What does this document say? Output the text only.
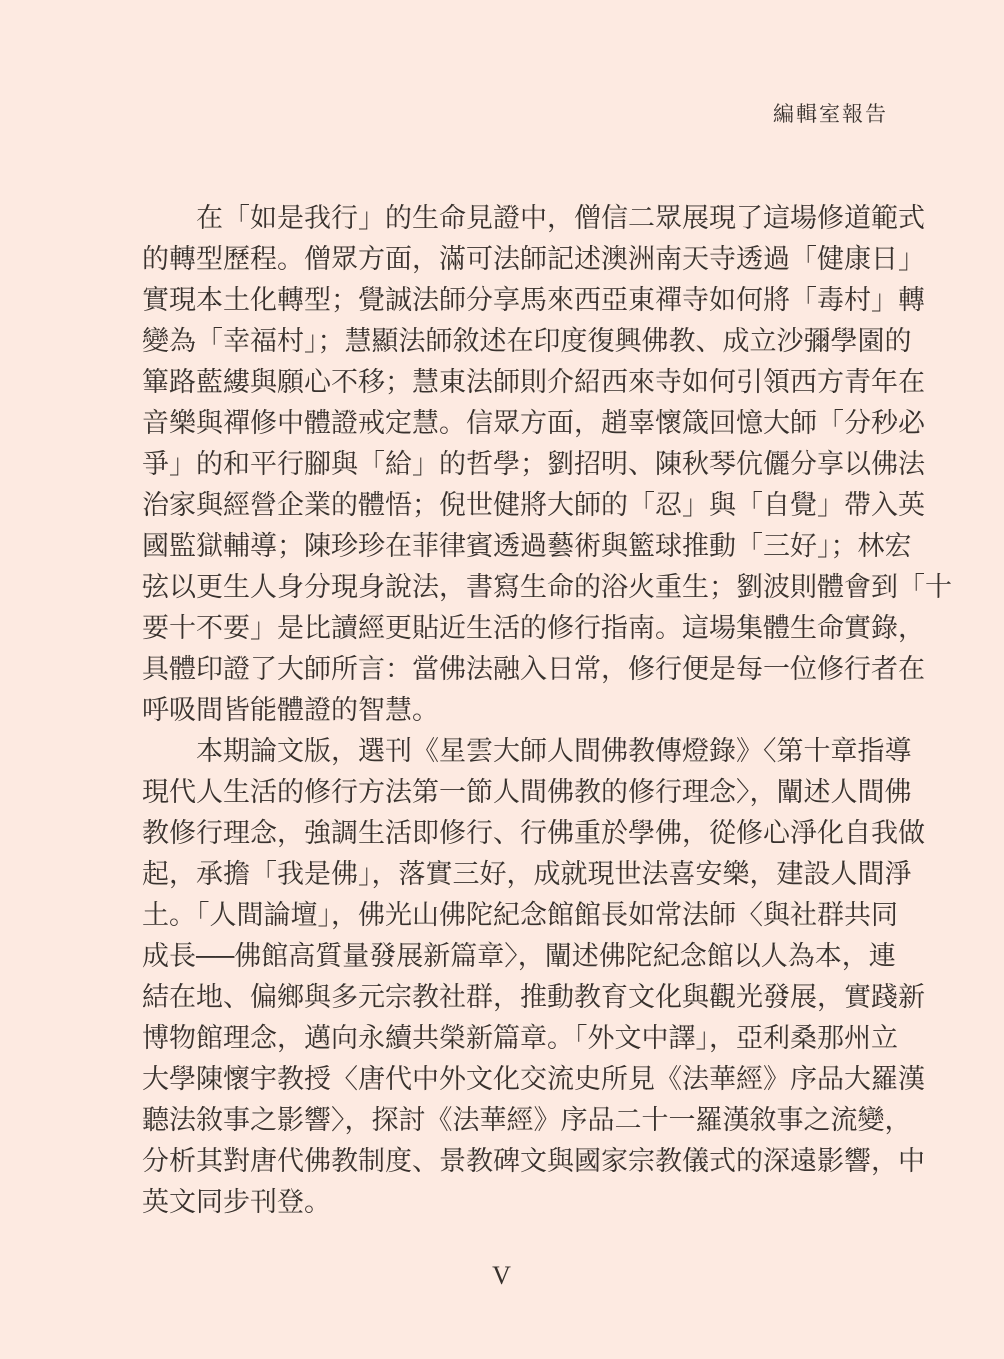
編輯室報告
在「如是我行」的生命見證中，僧信二眾展現了這場修道範式
的轉型歷程。僧眾方面，滿可法師記述澳洲南天寺透過「健康日」
實現本土化轉型；覺誠法師分享馬來西亞東禪寺如何將「毒村」轉
變為「幸福村」；慧顯法師敘述在印度復興佛教、成立沙彌學園的
篳路藍縷與願心不移；慧東法師則介紹西來寺如何引領西方青年在
音樂與禪修中體證戒定慧。信眾方面，趙辜懷箴回憶大師「分秒必
爭」的和平行腳與「給」的哲學；劉招明、陳秋琴伉儷分享以佛法
治家與經營企業的體悟；倪世健將大師的「忍」與「自覺」帶入英
國監獄輔導；陳珍珍在菲律賓透過藝術與籃球推動「三好」；林宏
弦以更生人身分現身說法，書寫生命的浴火重生；劉波則體會到「十
要十不要」是比讀經更貼近生活的修行指南。這場集體生命實錄，
具體印證了大師所言：當佛法融入日常，修行便是每一位修行者在
呼吸間皆能體證的智慧。
本期論文版，選刊《星雲大師人間佛教傳燈錄》〈第十章指導
現代人生活的修行方法第一節人間佛教的修行理念〉，闡述人間佛
教修行理念，強調生活即修行、行佛重於學佛，從修心淨化自我做
起，承擔「我是佛」，落實三好，成就現世法喜安樂，建設人間淨
土。「人間論壇」，佛光山佛陀紀念館館長如常法師〈與社群共同
成長──佛館高質量發展新篇章〉，闡述佛陀紀念館以人為本，連
結在地、偏鄉與多元宗教社群，推動教育文化與觀光發展，實踐新
博物館理念，邁向永續共榮新篇章。「外文中譯」，亞利桑那州立
大學陳懷宇教授〈唐代中外文化交流史所見《法華經》序品大羅漢
聽法敘事之影響〉，探討《法華經》序品二十一羅漢敘事之流變，
分析其對唐代佛教制度、景教碑文與國家宗教儀式的深遠影響，中
英文同步刊登。
V
